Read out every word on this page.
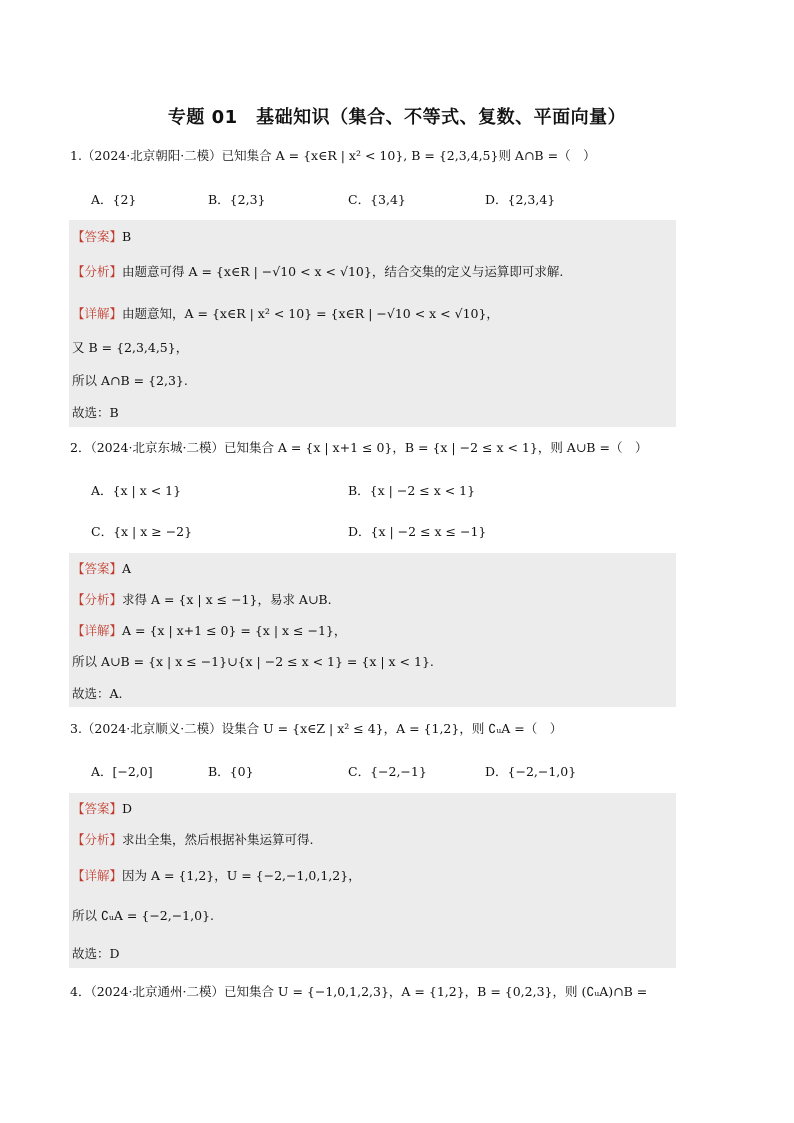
专题 01　基础知识（集合、不等式、复数、平面向量）
1.（2024·北京朝阳·二模）已知集合 A = {x∈R | x² < 10}, B = {2,3,4,5}则 A∩B =（　）
A．{2}	B．{2,3}	C．{3,4}	D．{2,3,4}
【答案】B
【分析】由题意可得 A = {x∈R | −√10 < x < √10}，结合交集的定义与运算即可求解.
【详解】由题意知，A = {x∈R | x² < 10} = {x∈R | −√10 < x < √10}，
又 B = {2,3,4,5}，
所以 A∩B = {2,3}.
故选：B
2．（2024·北京东城·二模）已知集合 A = {x | x+1 ≤ 0}，B = {x | −2 ≤ x < 1}，则 A∪B =（　）
A．{x | x < 1}	B．{x | −2 ≤ x < 1}
C．{x | x ≥ −2}	D．{x | −2 ≤ x ≤ −1}
【答案】A
【分析】求得 A = {x | x ≤ −1}，易求 A∪B.
【详解】A = {x | x+1 ≤ 0} = {x | x ≤ −1}，
所以 A∪B = {x | x ≤ −1}∪{x | −2 ≤ x < 1} = {x | x < 1}.
故选：A.
3.（2024·北京顺义·二模）设集合 U = {x∈Z | x² ≤ 4}，A = {1,2}，则 ∁ᵤA =（　）
A．[−2,0]	B．{0}	C．{−2,−1}	D．{−2,−1,0}
【答案】D
【分析】求出全集，然后根据补集运算可得.
【详解】因为 A = {1,2}，U = {−2,−1,0,1,2}，
所以 ∁ᵤA = {−2,−1,0}.
故选：D
4．（2024·北京通州·二模）已知集合 U = {−1,0,1,2,3}，A = {1,2}，B = {0,2,3}，则 (∁ᵤA)∩B =
